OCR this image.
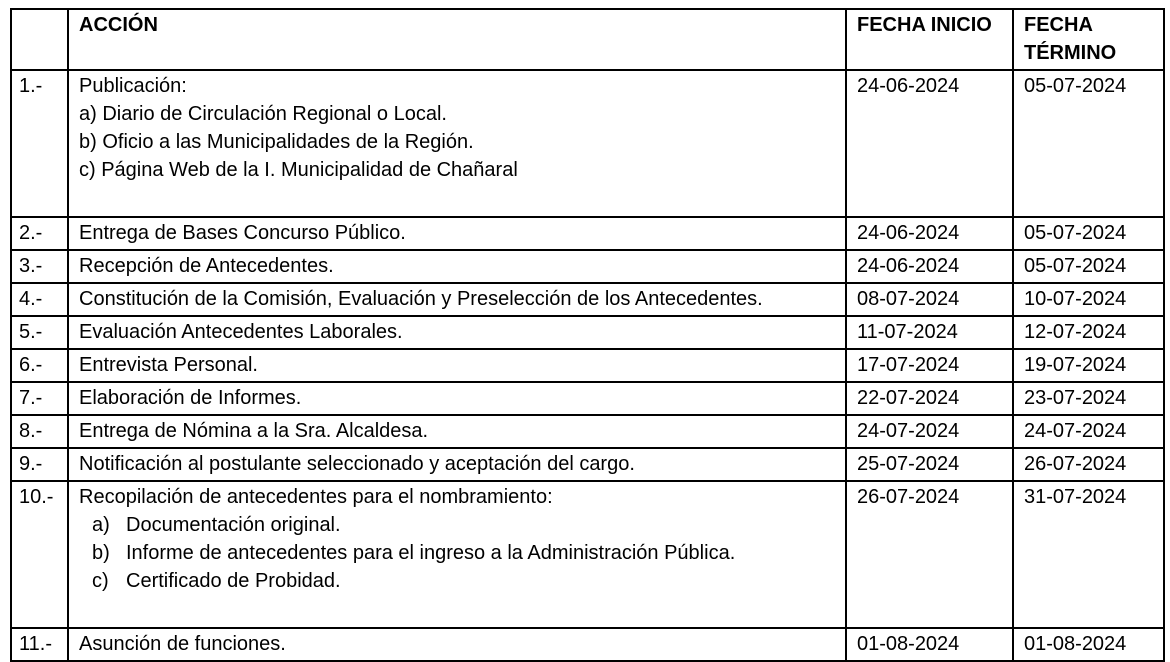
	ACCIÓN	FECHA INICIO	FECHA TÉRMINO
1.-	Publicación:
a) Diario de Circulación Regional o Local.
b) Oficio a las Municipalidades de la Región.
c) Página Web de la I. Municipalidad de Chañaral	24-06-2024	05-07-2024
2.-	Entrega de Bases Concurso Público.	24-06-2024	05-07-2024
3.-	Recepción de Antecedentes.	24-06-2024	05-07-2024
4.-	Constitución de la Comisión, Evaluación y Preselección de los Antecedentes.	08-07-2024	10-07-2024
5.-	Evaluación Antecedentes Laborales.	11-07-2024	12-07-2024
6.-	Entrevista Personal.	17-07-2024	19-07-2024
7.-	Elaboración de Informes.	22-07-2024	23-07-2024
8.-	Entrega de Nómina a la Sra. Alcaldesa.	24-07-2024	24-07-2024
9.-	Notificación al postulante seleccionado y aceptación del cargo.	25-07-2024	26-07-2024
10.-	Recopilación de antecedentes para el nombramiento:
a) Documentación original.
b) Informe de antecedentes para el ingreso a la Administración Pública.
c) Certificado de Probidad.	26-07-2024	31-07-2024
11.-	Asunción de funciones.	01-08-2024	01-08-2024
